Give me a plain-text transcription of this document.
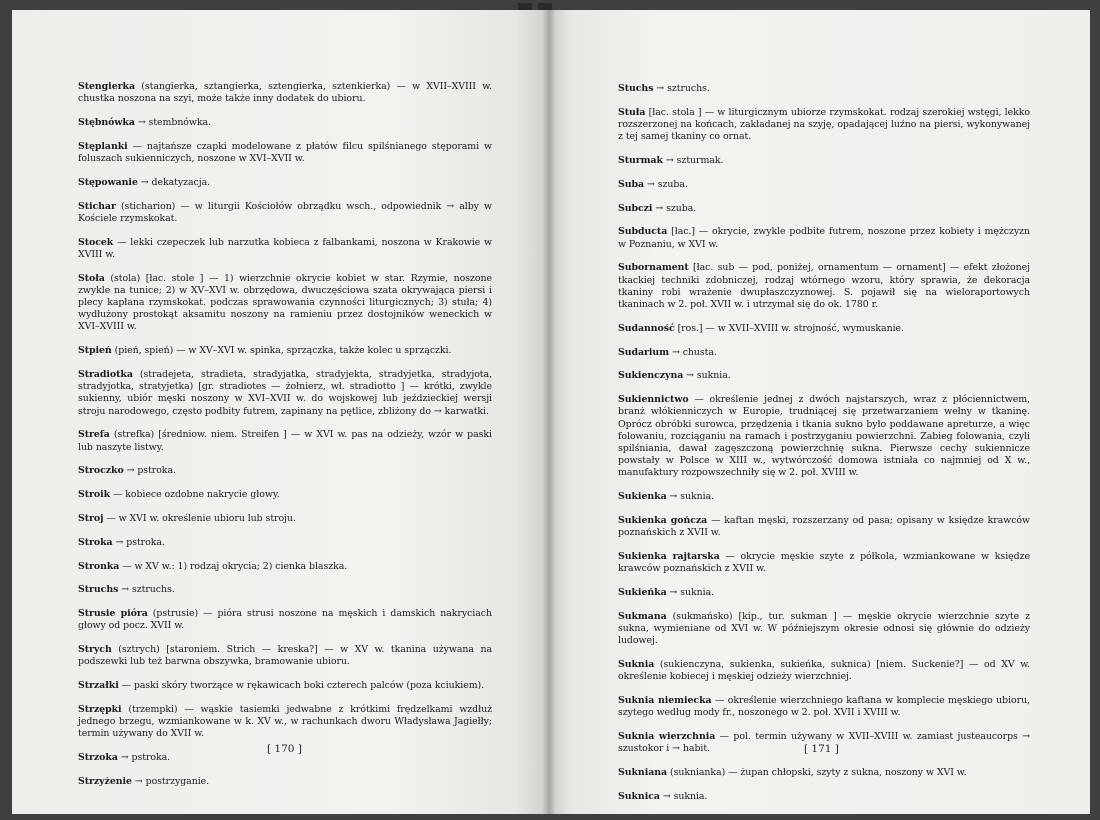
Stengierka (stangierka, sztangierka, sztengierka, sztenkierka) — w XVII–XVIII w. chustka noszona na szyi, może także inny dodatek do ubioru.

Stębnówka → stembnówka.

Stęplanki — najtańsze czapki modelowane z płatów filcu spilśnianego stęporami w foluszach sukienniczych, noszone w XVI–XVII w.

Stępowanie → dekatyzacja.

Stichar (sticharion) — w liturgii Kościołów obrządku wsch., odpowiednik → alby w Kościele rzymskokat.

Stocek — lekki czepeczek lub narzutka kobieca z falbankami, noszona w Krakowie w XVIII w.

Stoła (stola) [łac. stole ] — 1) wierzchnie okrycie kobiet w star. Rzymie, noszone zwykle na tunice; 2) w XV–XVI w. obrzędowa, dwuczęściowa szata okrywająca piersi i plecy kapłana rzymskokat. podczas sprawowania czynności liturgicznych; 3) stuła; 4) wydłużony prostokąt aksamitu noszony na ramieniu przez dostojników weneckich w XVI–XVIII w.

Stpień (pień, spień) — w XV–XVI w. spinka, sprzączka, także kolec u sprzączki.

Stradiotka (stradejeta, stradieta, stradyjatka, stradyjekta, stradyjetka, stradyjota, stradyjotka, stratyjetka) [gr. stradiotes — żołnierz, wł. stradiotto ] — krótki, zwykle sukienny, ubiór męski noszony w XVI–XVII w. do wojskowej lub jeździeckiej wersji stroju narodowego, często podbity futrem, zapinany na pętlice, zbliżony do → karwatki.

Strefa (strefka) [średniow. niem. Streifen ] — w XVI w. pas na odzieży, wzór w paski lub naszyte listwy.

Stroczko → pstroka.

Stroik — kobiece ozdobne nakrycie głowy.

Stroj — w XVI w. określenie ubioru lub stroju.

Stroka → pstroka.

Stronka — w XV w.: 1) rodzaj okrycia; 2) cienka blaszka.

Struchs → sztruchs.

Strusie pióra (pstrusie) — pióra strusi noszone na męskich i damskich nakryciach głowy od pocz. XVII w.

Strych (sztrych) [staroniem. Strich — kreska?] — w XV w. tkanina używana na podszewki lub też barwna obszywka, bramowanie ubioru.

Strzałki — paski skóry tworzące w rękawicach boki czterech palców (poza kciukiem).

Strzępki (trzempki) — wąskie tasiemki jedwabne z krótkimi frędzelkami wzdłuż jednego brzegu, wzmiankowane w k. XV w., w rachunkach dworu Władysława Jagiełły; termin używany do XVII w.

Strzoka → pstroka.

Strzyżenie → postrzyganie.

[ 170 ]

Stuchs → sztruchs.

Stuła [łac. stola ] — w liturgicznym ubiorze rzymskokat. rodzaj szerokiej wstęgi, lekko rozszerzonej na końcach, zakładanej na szyję, opadającej luźno na piersi, wykonywanej z tej samej tkaniny co ornat.

Sturmak → szturmak.

Suba → szuba.

Subczi → szuba.

Subducta [łac.] — okrycie, zwykle podbite futrem, noszone przez kobiety i mężczyzn w Poznaniu, w XVI w.

Subornament [łac. sub — pod, poniżej, ornamentum — ornament] — efekt złożonej tkackiej techniki zdobniczej, rodzaj wtórnego wzoru, który sprawia, że dekoracja tkaniny robi wrażenie dwupłaszczyznowej. S. pojawił się na wieloraportowych tkaninach w 2. poł. XVII w. i utrzymał się do ok. 1780 r.

Sudanność [ros.] — w XVII–XVIII w. strojność, wymuskanie.

Sudarium → chusta.

Sukienczyna → suknia.

Sukiennictwo — określenie jednej z dwóch najstarszych, wraz z płóciennictwem, branż włókienniczych w Europie, trudniącej się przetwarzaniem wełny w tkaninę. Oprócz obróbki surowca, przędzenia i tkania sukno było poddawane apreturze, a więc folowaniu, rozciąganiu na ramach i postrzyganiu powierzchni. Zabieg folowania, czyli spilśniania, dawał zagęszczoną powierzchnię sukna. Pierwsze cechy sukiennicze powstały w Polsce w XIII w., wytwórczość domowa istniała co najmniej od X w., manufaktury rozpowszechniły się w 2. poł. XVIII w.

Sukienka → suknia.

Sukienka gończa — kaftan męski, rozszerzany od pasa; opisany w księdze krawców poznańskich z XVII w.

Sukienka rajtarska — okrycie męskie szyte z półkola, wzmiankowane w księdze krawców poznańskich z XVII w.

Sukieńka → suknia.

Sukmana (sukmańsko) [kip., tur. sukman ] — męskie okrycie wierzchnie szyte z sukna, wymieniane od XVI w. W późniejszym okresie odnosi się głównie do odzieży ludowej.

Suknia (sukienczyna, sukienka, sukieńka, suknica) [niem. Suckenie?] — od XV w. określenie kobiecej i męskiej odzieży wierzchniej.

Suknia niemiecka — określenie wierzchniego kaftana w komplecie męskiego ubioru, szytego według mody fr., noszonego w 2. poł. XVII i XVIII w.

Suknia wierzchnia — pol. termin używany w XVII–XVIII w. zamiast justeaucorps → szustokor i → habit.

Sukniana (suknianka) — żupan chłopski, szyty z sukna, noszony w XVI w.

Suknica → suknia.

[ 171 ]
